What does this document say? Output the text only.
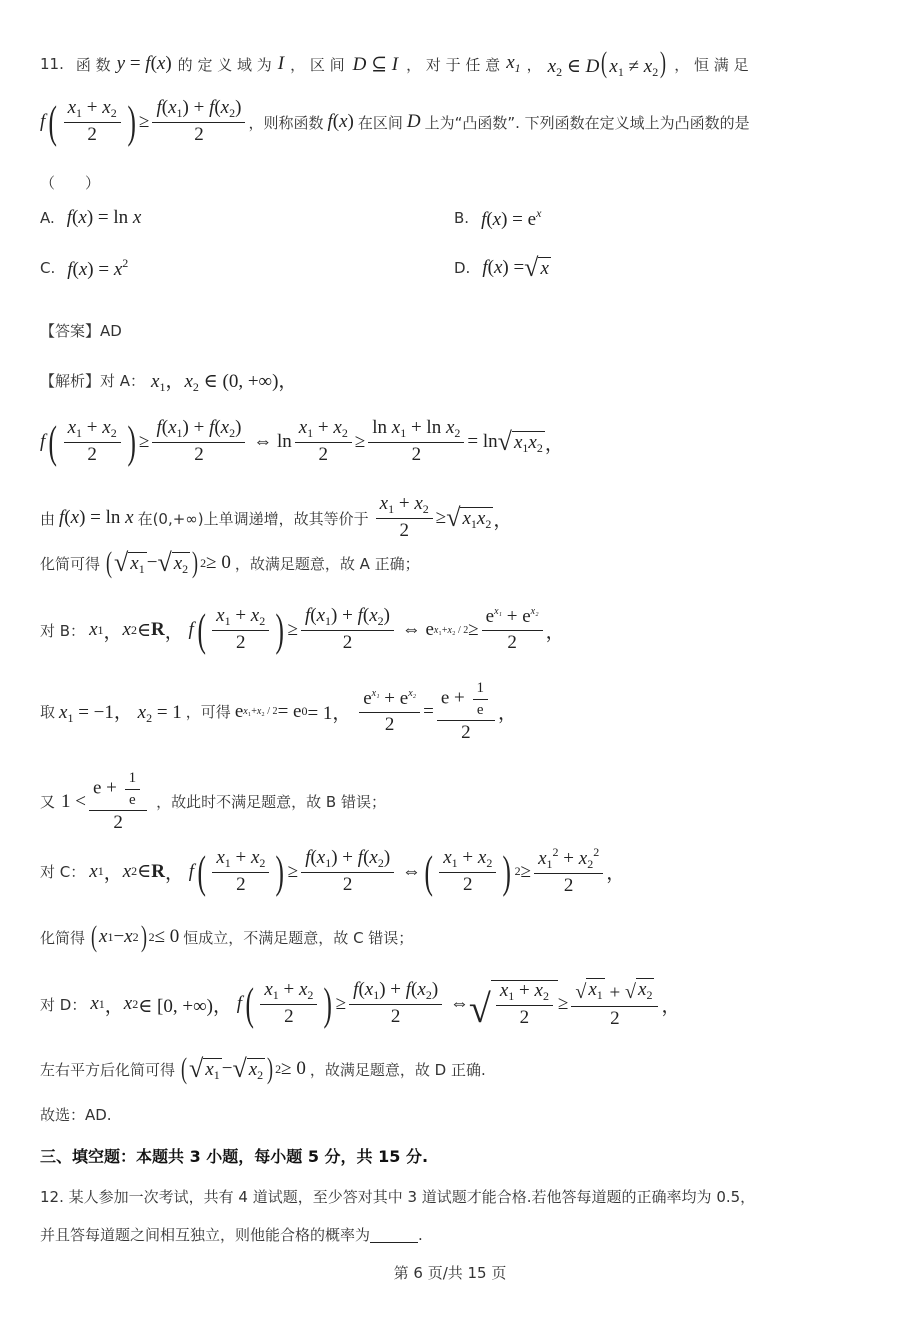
11. 函 数 y = f(x) 的 定 义 域 为 I ， 区 间 D ⊆ I ， 对 于 任 意 $x_1$ ， $x_2$ ∈ D( $x_1 \ne x_2$) ， 恒 满 足
f ( $\frac{x_1 + x_2}{2}$ ) ≥ $\frac{f(x_1) + f(x_2)}{2}$ ，则称函数 f(x) 在区间 D 上为“凸函数”. 下列函数在定义域上为凸函数的是
（　　）
A. f(x) = ln x	B. $f(x) = e^x$
C. $f(x) = x^2$	D. f ( x ) = √ x
【答案】AD
【解析】对 A： $x_1$，$x_2$ ∈ (0, +∞)，
f ( $\frac{x_1 + x_2}{2}$ ) ≥ $\frac{f(x_1) + f(x_2)}{2}$ ⇔ $\ln \frac{x_1 + x_2}{2} \ge \frac{\ln x_1 + \ln x_2}{2} = \ln$ √ $x_1x_2$ ，
由 f(x) = ln x 在(0,+∞)上单调递增，故其等价于 $\frac{x_1 + x_2}{2}$ ≥ √ $x_1x_2$ ，
化简可得 ( √ $x_1$ − √ $x_2$ ) 2 ≥ 0 ，故满足题意，故 A 正确；
对 B： x 1 ， x 2 ∈ R ， f ( $\frac{x_1 + x_2}{2}$ ) ≥ $\frac{f(x_1) + f(x_2)}{2}$ ⇔ e $x_1+x_2 / 2 \ge \frac{e^{x_1} + e^{x_2}}{2}$ ，
取 $x_1 = -1$， $x_2 = 1$ ，可得 e x₁+x₂ / 2 = e 0 = 1， $\frac{e^{x_1} + e^{x_2}}{2} = \frac{e + \frac{1}{e}}{2}$ ，
又 $1 < \frac{e + \frac{1}{e}}{2}$ ，故此时不满足题意，故 B 错误；
对 C： x 1 ， x 2 ∈ R ， f ( $\frac{x_1 + x_2}{2}$ ) ≥ $\frac{f(x_1) + f(x_2)}{2}$ ⇔ ( $\frac{x_1 + x_2}{2}$ ) $2 \ge \frac{x_1^2 + x_2^2}{2}$ ，
化简得 ( x 1 − x 2 ) 2 ≤ 0 恒成立，不满足题意，故 C 错误；
对 D： x 1 ， x 2 ∈ [0, +∞)， f ( $\frac{x_1 + x_2}{2}$ ) ≥ $\frac{f(x_1) + f(x_2)}{2}$ ⇔ √ $\frac{x_1 + x_2}{2} \ge \frac{√ x_1 + √ x_2}{2}$ ，
左右平方后化简可得 ( √ $x_1$ − √ $x_2$ ) 2 ≥ 0 ，故满足题意，故 D 正确.
故选：AD.
三、填空题：本题共 3 小题，每小题 5 分，共 15 分.
12. 某人参加一次考试，共有 4 道试题，至少答对其中 3 道试题才能合格.若他答每道题的正确率均为 0.5，
并且答每道题之间相互独立，则他能合格的概率为	.
第 6 页/共 15 页
